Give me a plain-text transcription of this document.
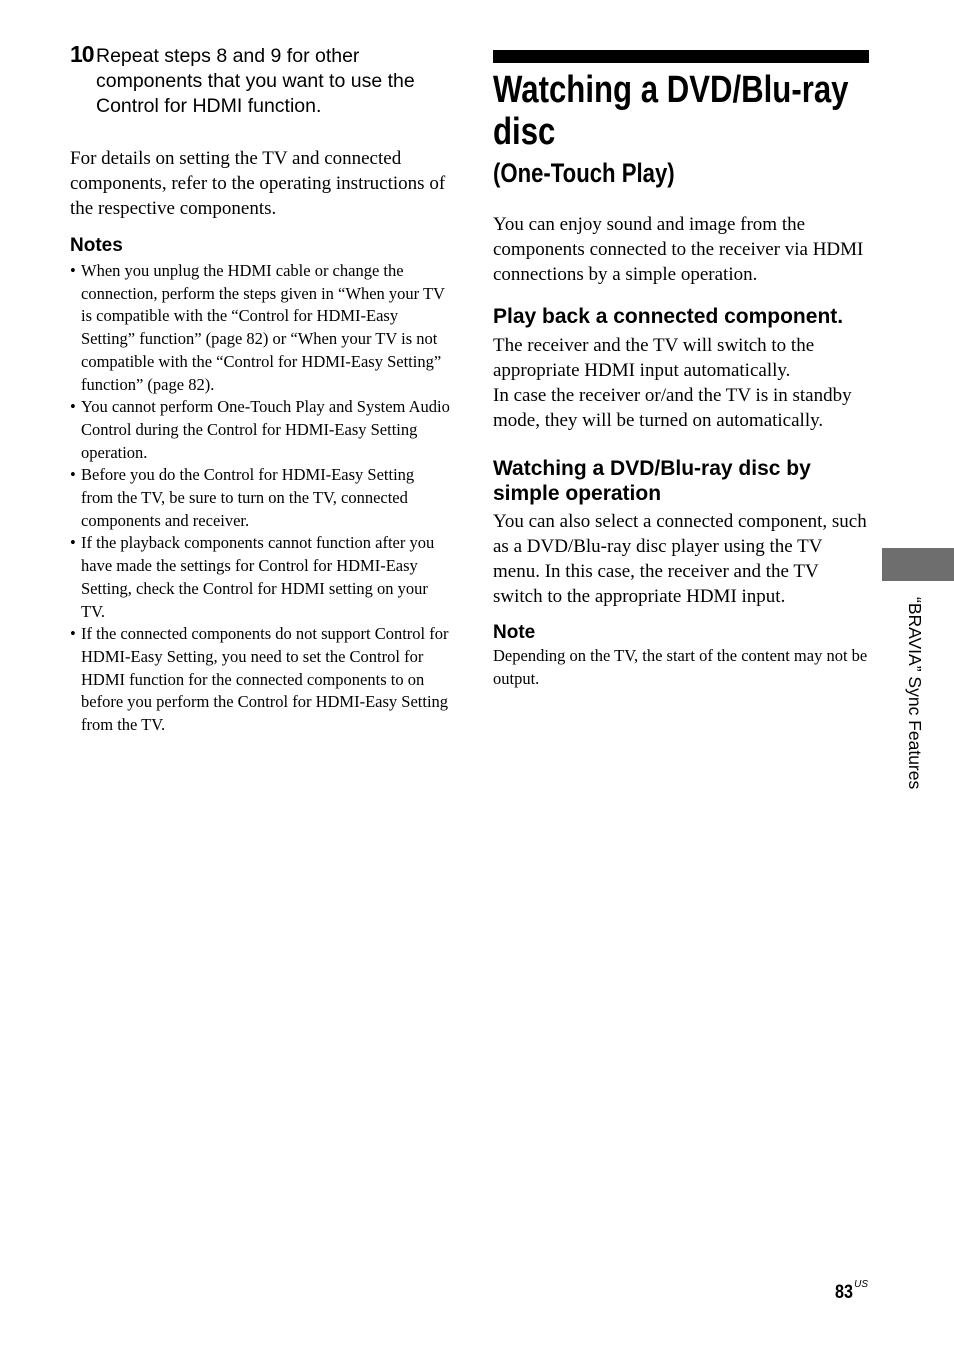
10 Repeat steps 8 and 9 for other components that you want to use the Control for HDMI function.
For details on setting the TV and connected components, refer to the operating instructions of the respective components.
Notes
• When you unplug the HDMI cable or change the connection, perform the steps given in “When your TV is compatible with the “Control for HDMI-Easy Setting” function” (page 82) or “When your TV is not compatible with the “Control for HDMI-Easy Setting” function” (page 82).
• You cannot perform One-Touch Play and System Audio Control during the Control for HDMI-Easy Setting operation.
• Before you do the Control for HDMI-Easy Setting from the TV, be sure to turn on the TV, connected components and receiver.
• If the playback components cannot function after you have made the settings for Control for HDMI-Easy Setting, check the Control for HDMI setting on your TV.
• If the connected components do not support Control for HDMI-Easy Setting, you need to set the Control for HDMI function for the connected components to on before you perform the Control for HDMI-Easy Setting from the TV.
Watching a DVD/Blu-ray disc
(One-Touch Play)
You can enjoy sound and image from the components connected to the receiver via HDMI connections by a simple operation.
Play back a connected component.
The receiver and the TV will switch to the appropriate HDMI input automatically.
In case the receiver or/and the TV is in standby mode, they will be turned on automatically.
Watching a DVD/Blu-ray disc by simple operation
You can also select a connected component, such as a DVD/Blu-ray disc player using the TV menu. In this case, the receiver and the TV switch to the appropriate HDMI input.
Note
Depending on the TV, the start of the content may not be output.	“BRAVIA” Sync Features
$83^{US}$
